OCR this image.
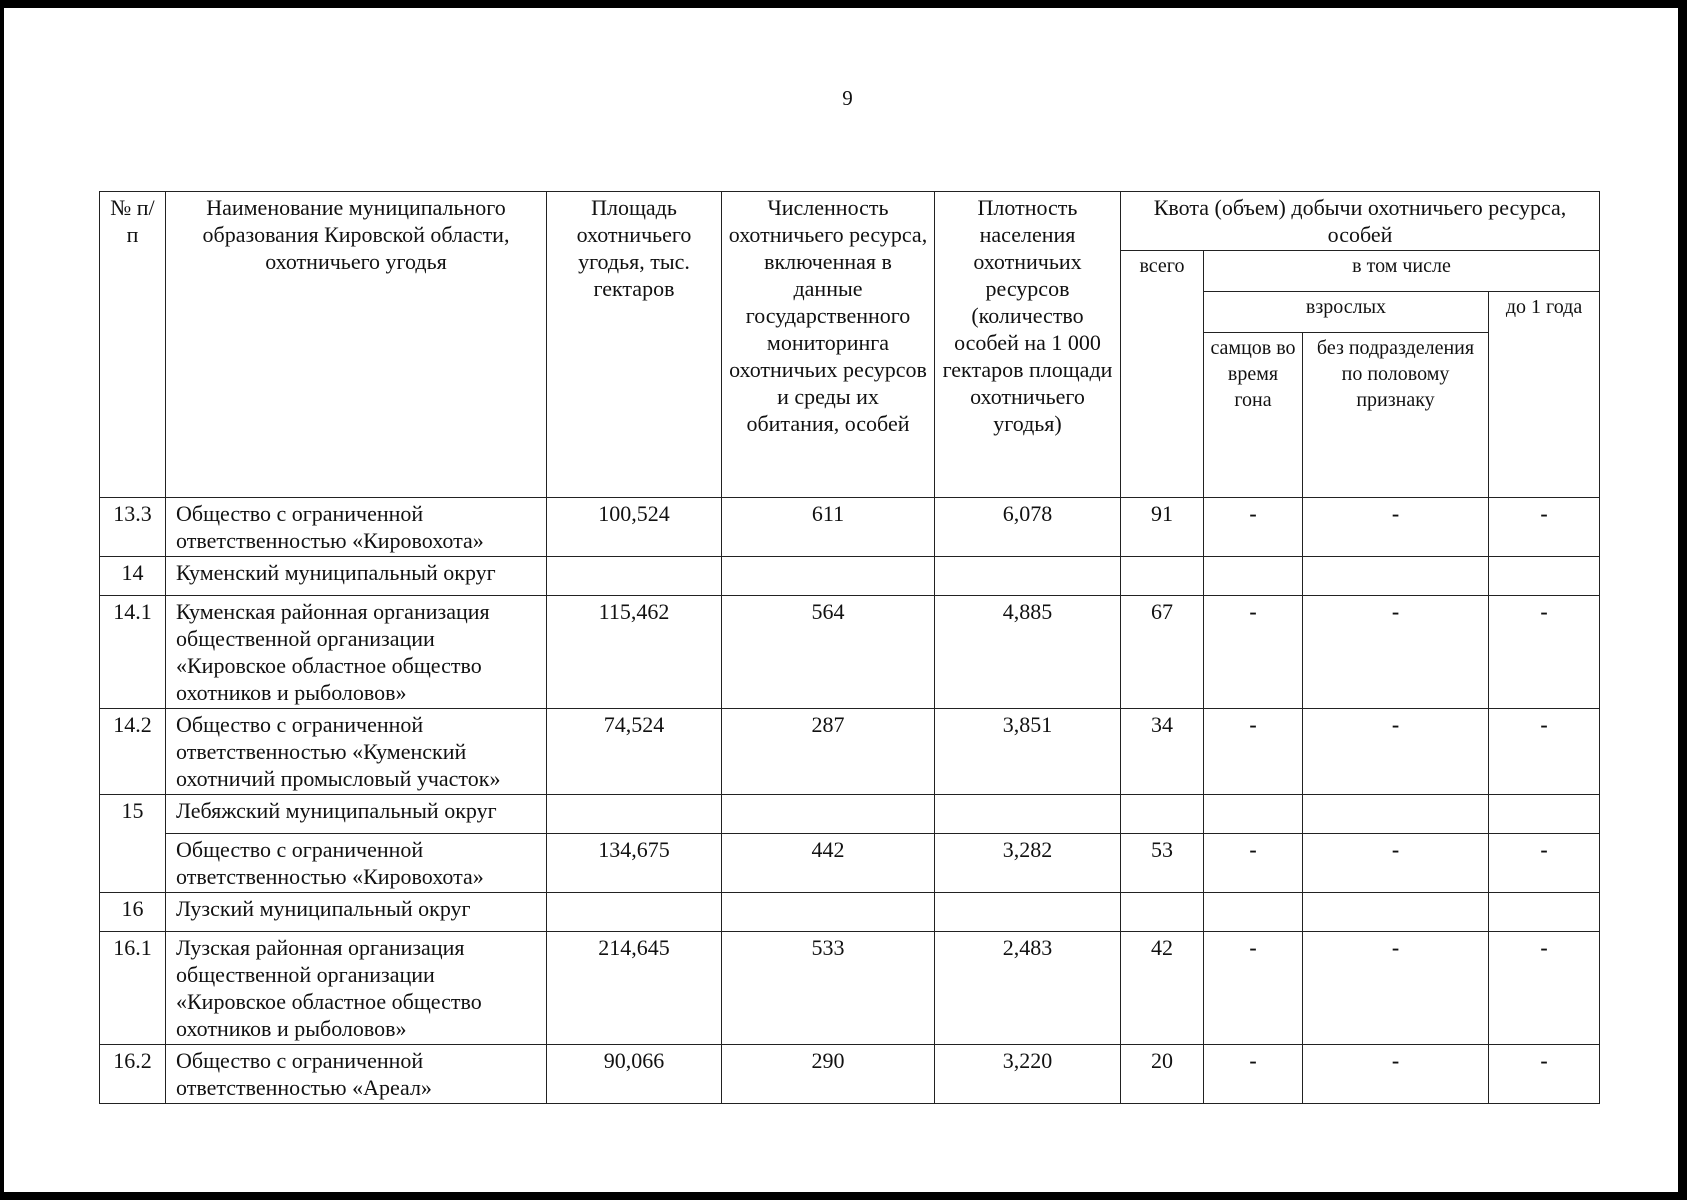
9
№ п/п	Наименование муниципального образования Кировской области, охотничьего угодья	Площадь охотничьего угодья, тыс. гектаров	Численность охотничьего ресурса, включенная в данные государственного мониторинга охотничьих ресурсов и среды их обитания, особей	Плотность населения охотничьих ресурсов (количество особей на 1 000 гектаров площади охотничьего угодья)	Квота (объем) добычи охотничьего ресурса, особей			
					всего	в том числе		
						взрослых		до 1 года
						самцов во время гона	без подразделения по половому признаку	
13.3	Общество с ограниченной ответственностью «Кировохота»	100,524	611	6,078	91	-	-	-
14	Куменский муниципальный округ							
14.1	Куменская районная организация общественной организации «Кировское областное общество охотников и рыболовов»	115,462	564	4,885	67	-	-	-
14.2	Общество с ограниченной ответственностью «Куменский охотничий промысловый участок»	74,524	287	3,851	34	-	-	-
15	Лебяжский муниципальный округ							
	Общество с ограниченной ответственностью «Кировохота»	134,675	442	3,282	53	-	-	-
16	Лузский муниципальный округ							
16.1	Лузская районная организация общественной организации «Кировское областное общество охотников и рыболовов»	214,645	533	2,483	42	-	-	-
16.2	Общество с ограниченной ответственностью «Ареал»	90,066	290	3,220	20	-	-	-
